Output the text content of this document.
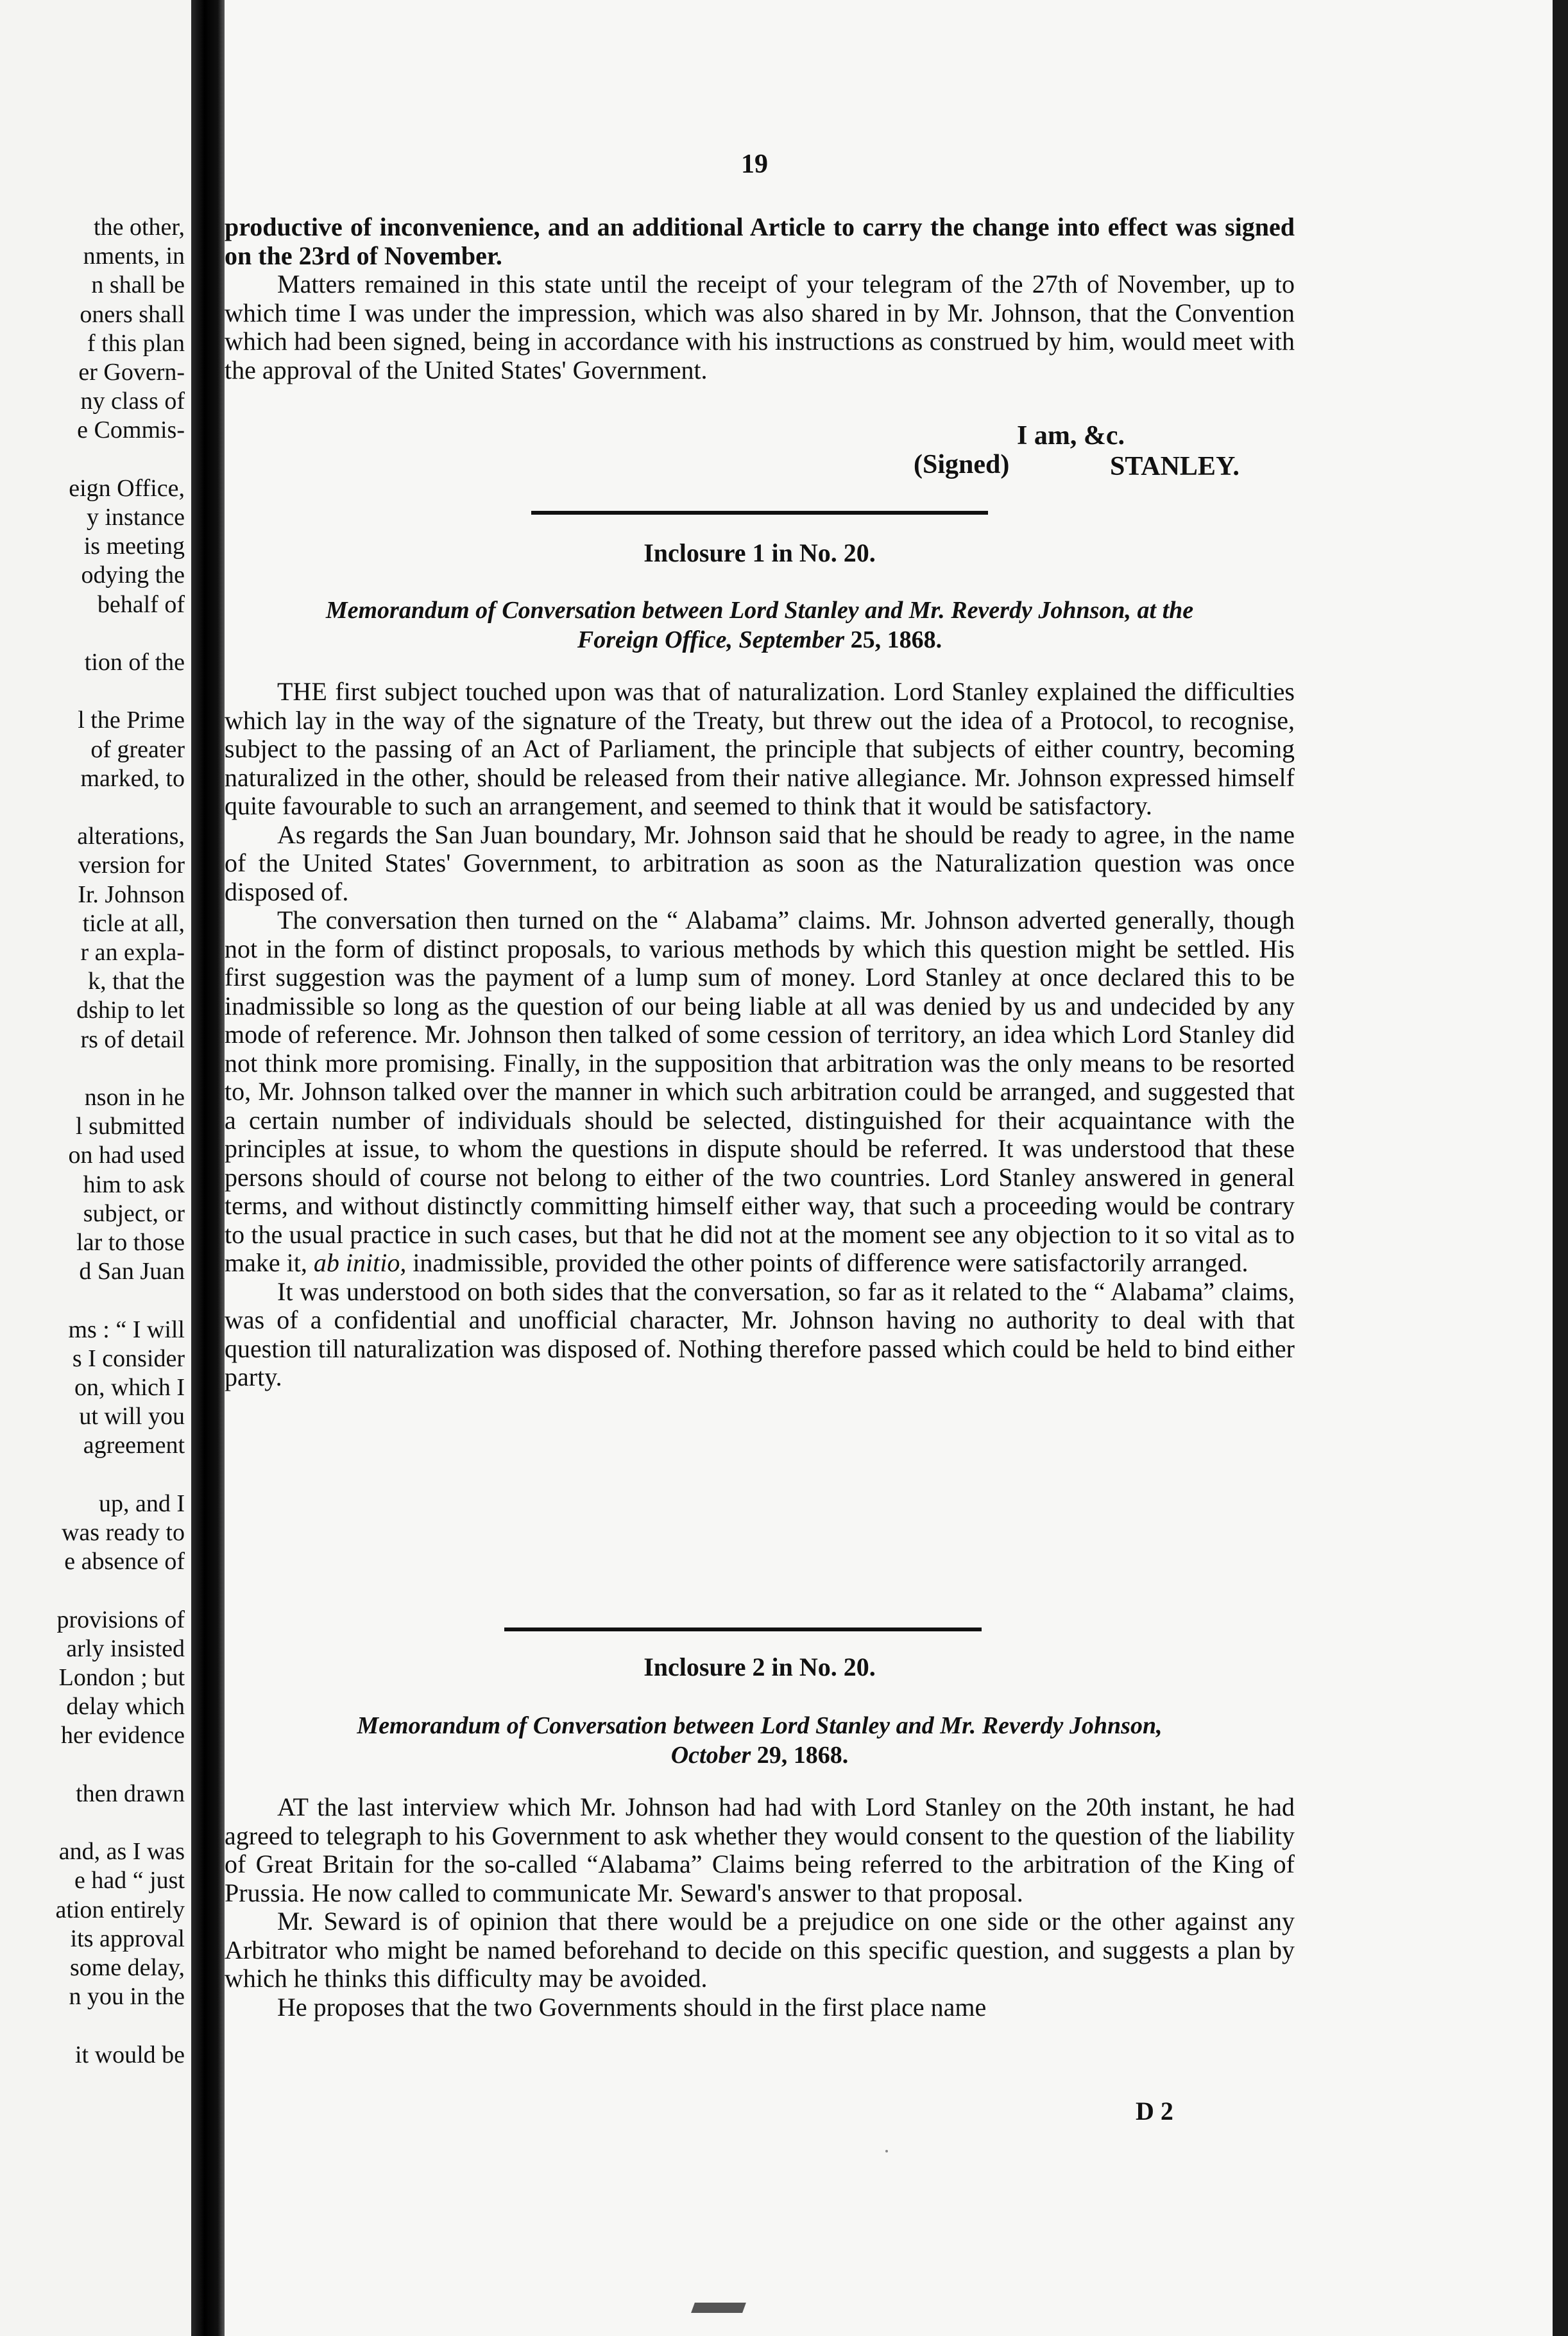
the other,
nments, in
n shall be
oners shall
f this plan
er Govern-
ny class of
e Commis-
eign Office,
y instance
is meeting
odying the
behalf of
tion of the
l the Prime
of greater
marked, to
alterations,
version for
Ir. Johnson
ticle at all,
r an expla-
k, that the
dship to let
rs of detail
nson in he
l submitted
on had used
him to ask
subject, or
lar to those
d San Juan
ms : “ I will
s I consider
on, which I
ut will you
agreement
up, and I
was ready to
e absence of
provisions of
arly insisted
London ; but
delay which
her evidence
then drawn
and, as I was
e had “ just
ation entirely
its approval
some delay,
n you in the
it would be
19

productive of inconvenience, and an additional Article to carry the change into effect was signed on the 23rd of November.

Matters remained in this state until the receipt of your telegram of the 27th of November, up to which time I was under the impression, which was also shared in by Mr. Johnson, that the Convention which had been signed, being in accordance with his instructions as construed by him, would meet with the approval of the United States' Government.

I am, &c.
(Signed)	STANLEY.
Inclosure 1 in No. 20.
Memorandum of Conversation between Lord Stanley and Mr. Reverdy Johnson, at the
Foreign Office, September 25, 1868.

THE first subject touched upon was that of naturalization. Lord Stanley explained the difficulties which lay in the way of the signature of the Treaty, but threw out the idea of a Protocol, to recognise, subject to the passing of an Act of Parliament, the principle that subjects of either country, becoming naturalized in the other, should be released from their native allegiance. Mr. Johnson expressed himself quite favourable to such an arrangement, and seemed to think that it would be satisfactory.

As regards the San Juan boundary, Mr. Johnson said that he should be ready to agree, in the name of the United States' Government, to arbitration as soon as the Naturalization question was once disposed of.

The conversation then turned on the “ Alabama” claims. Mr. Johnson adverted generally, though not in the form of distinct proposals, to various methods by which this question might be settled. His first suggestion was the payment of a lump sum of money. Lord Stanley at once declared this to be inadmissible so long as the question of our being liable at all was denied by us and undecided by any mode of reference. Mr. Johnson then talked of some cession of territory, an idea which Lord Stanley did not think more promising. Finally, in the supposition that arbitration was the only means to be resorted to, Mr. Johnson talked over the manner in which such arbitration could be arranged, and suggested that a certain number of individuals should be selected, distinguished for their acquaintance with the principles at issue, to whom the questions in dispute should be referred. It was understood that these persons should of course not belong to either of the two countries. Lord Stanley answered in general terms, and without distinctly committing himself either way, that such a proceeding would be contrary to the usual practice in such cases, but that he did not at the moment see any objection to it so vital as to make it, ab initio, inadmissible, provided the other points of difference were satisfactorily arranged.

It was understood on both sides that the conversation, so far as it related to the “ Alabama” claims, was of a confidential and unofficial character, Mr. Johnson having no authority to deal with that question till naturalization was disposed of. Nothing therefore passed which could be held to bind either party.

Inclosure 2 in No. 20.
Memorandum of Conversation between Lord Stanley and Mr. Reverdy Johnson,
October 29, 1868.

AT the last interview which Mr. Johnson had had with Lord Stanley on the 20th instant, he had agreed to telegraph to his Government to ask whether they would consent to the question of the liability of Great Britain for the so-called “Alabama” Claims being referred to the arbitration of the King of Prussia. He now called to communicate Mr. Seward's answer to that proposal.

Mr. Seward is of opinion that there would be a prejudice on one side or the other against any Arbitrator who might be named beforehand to decide on this specific question, and suggests a plan by which he thinks this difficulty may be avoided.

He proposes that the two Governments should in the first place name

D 2
